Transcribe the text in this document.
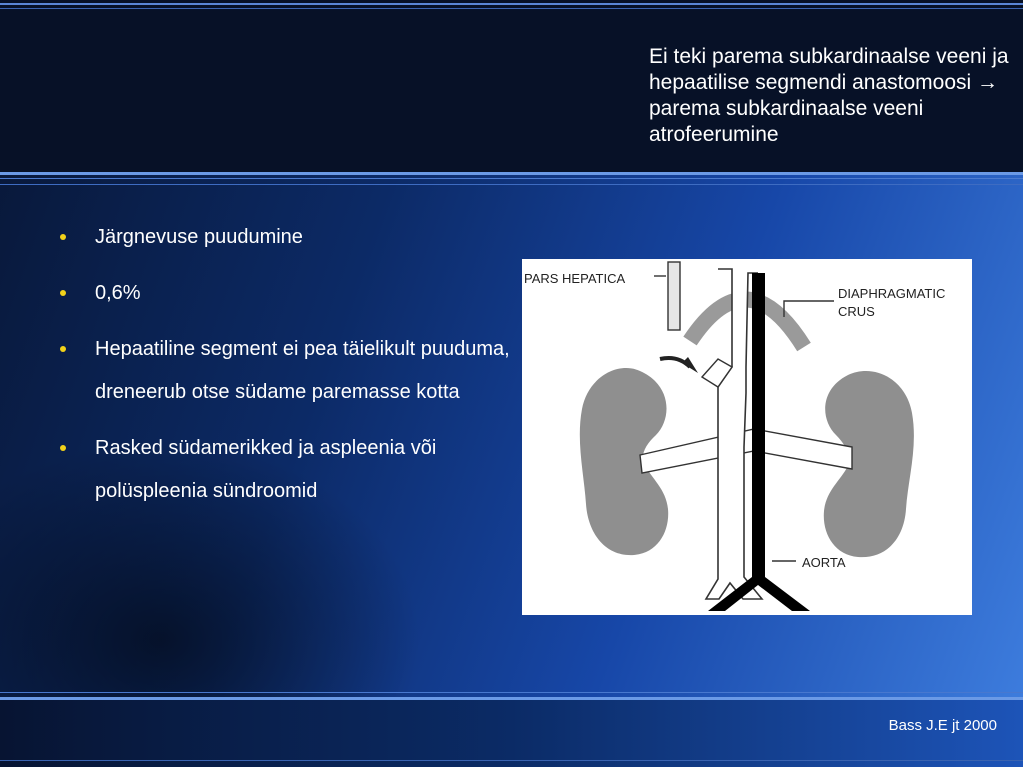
Ei teki parema subkardinaalse veeni ja hepaatilise segmendi anastomoosi → parema subkardinaalse veeni atrofeerumine

Järgnevuse puudumine
0,6%
Hepaatiline segment ei pea täielikult puuduma, dreneerub otse südame paremasse kotta
Rasked südamerikked ja aspleenia või polüspleenia sündroomid
PARS HEPATICA
DIAPHRAGMATIC
CRUS
AORTA

Bass J.E jt 2000
